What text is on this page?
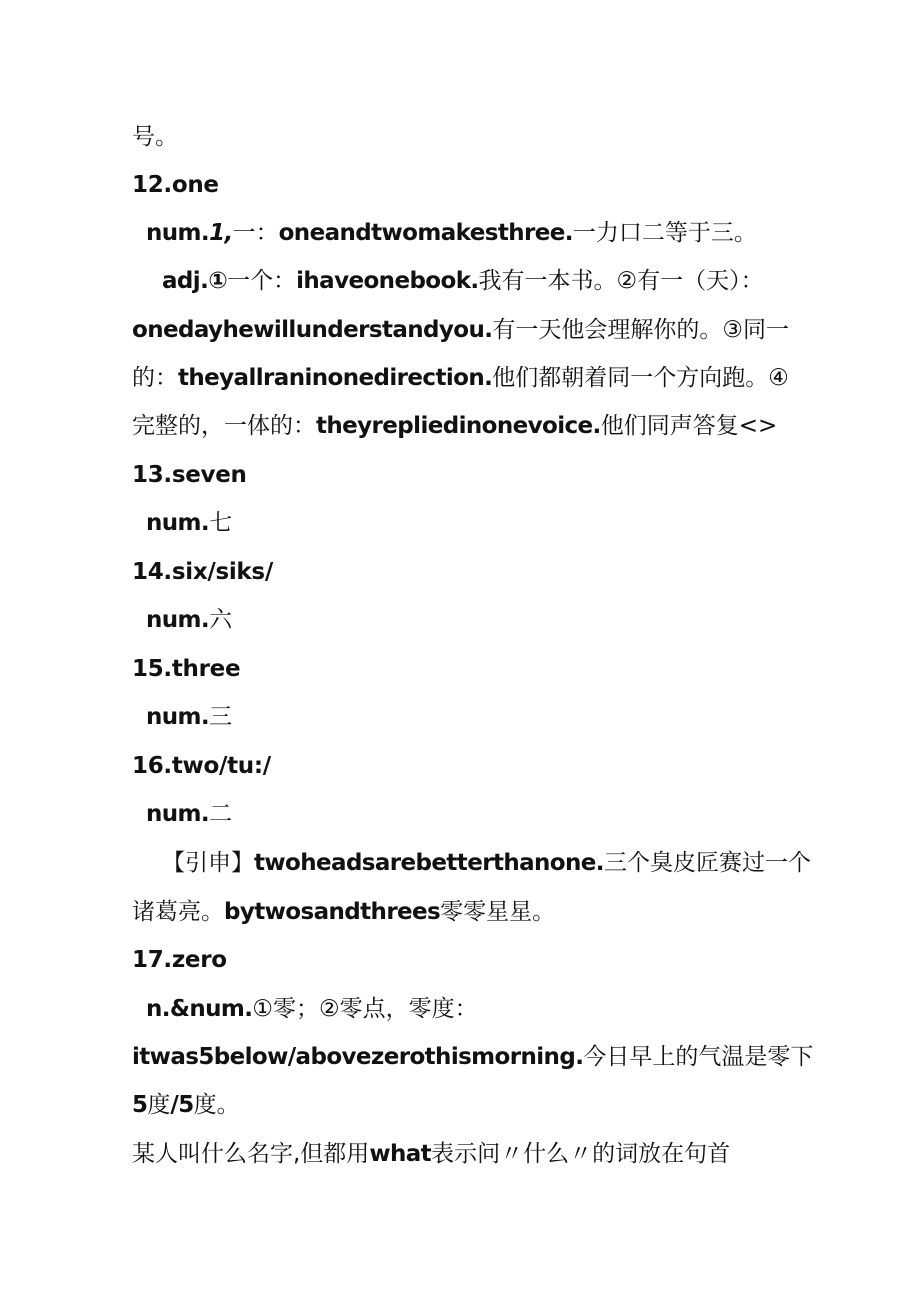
号。
12.one
num.1,一：oneandtwomakesthree.一力口二等于三。
adj.①一个：ihaveonebook.我有一本书。②有一（天）：
onedayhewillunderstandyou.有一天他会理解你的。③同一
的：theyallraninonedirection.他们都朝着同一个方向跑。④
完整的，一体的：theyrepliedinonevoice.他们同声答复<>
13.seven
num.七
14.six/siks/
num.六
15.three
num.三
16.two/tu:/
num.二
【引申】twoheadsarebetterthanone.三个臭皮匠赛过一个
诸葛亮。bytwosandthrees零零星星。
17.zero
n.&num.①零；②零点，零度：
itwas5below/abovezerothismorning.今日早上的气温是零下
5度/5度。
某人叫什么名字,但都用what表示问〃什么〃的词放在句首
